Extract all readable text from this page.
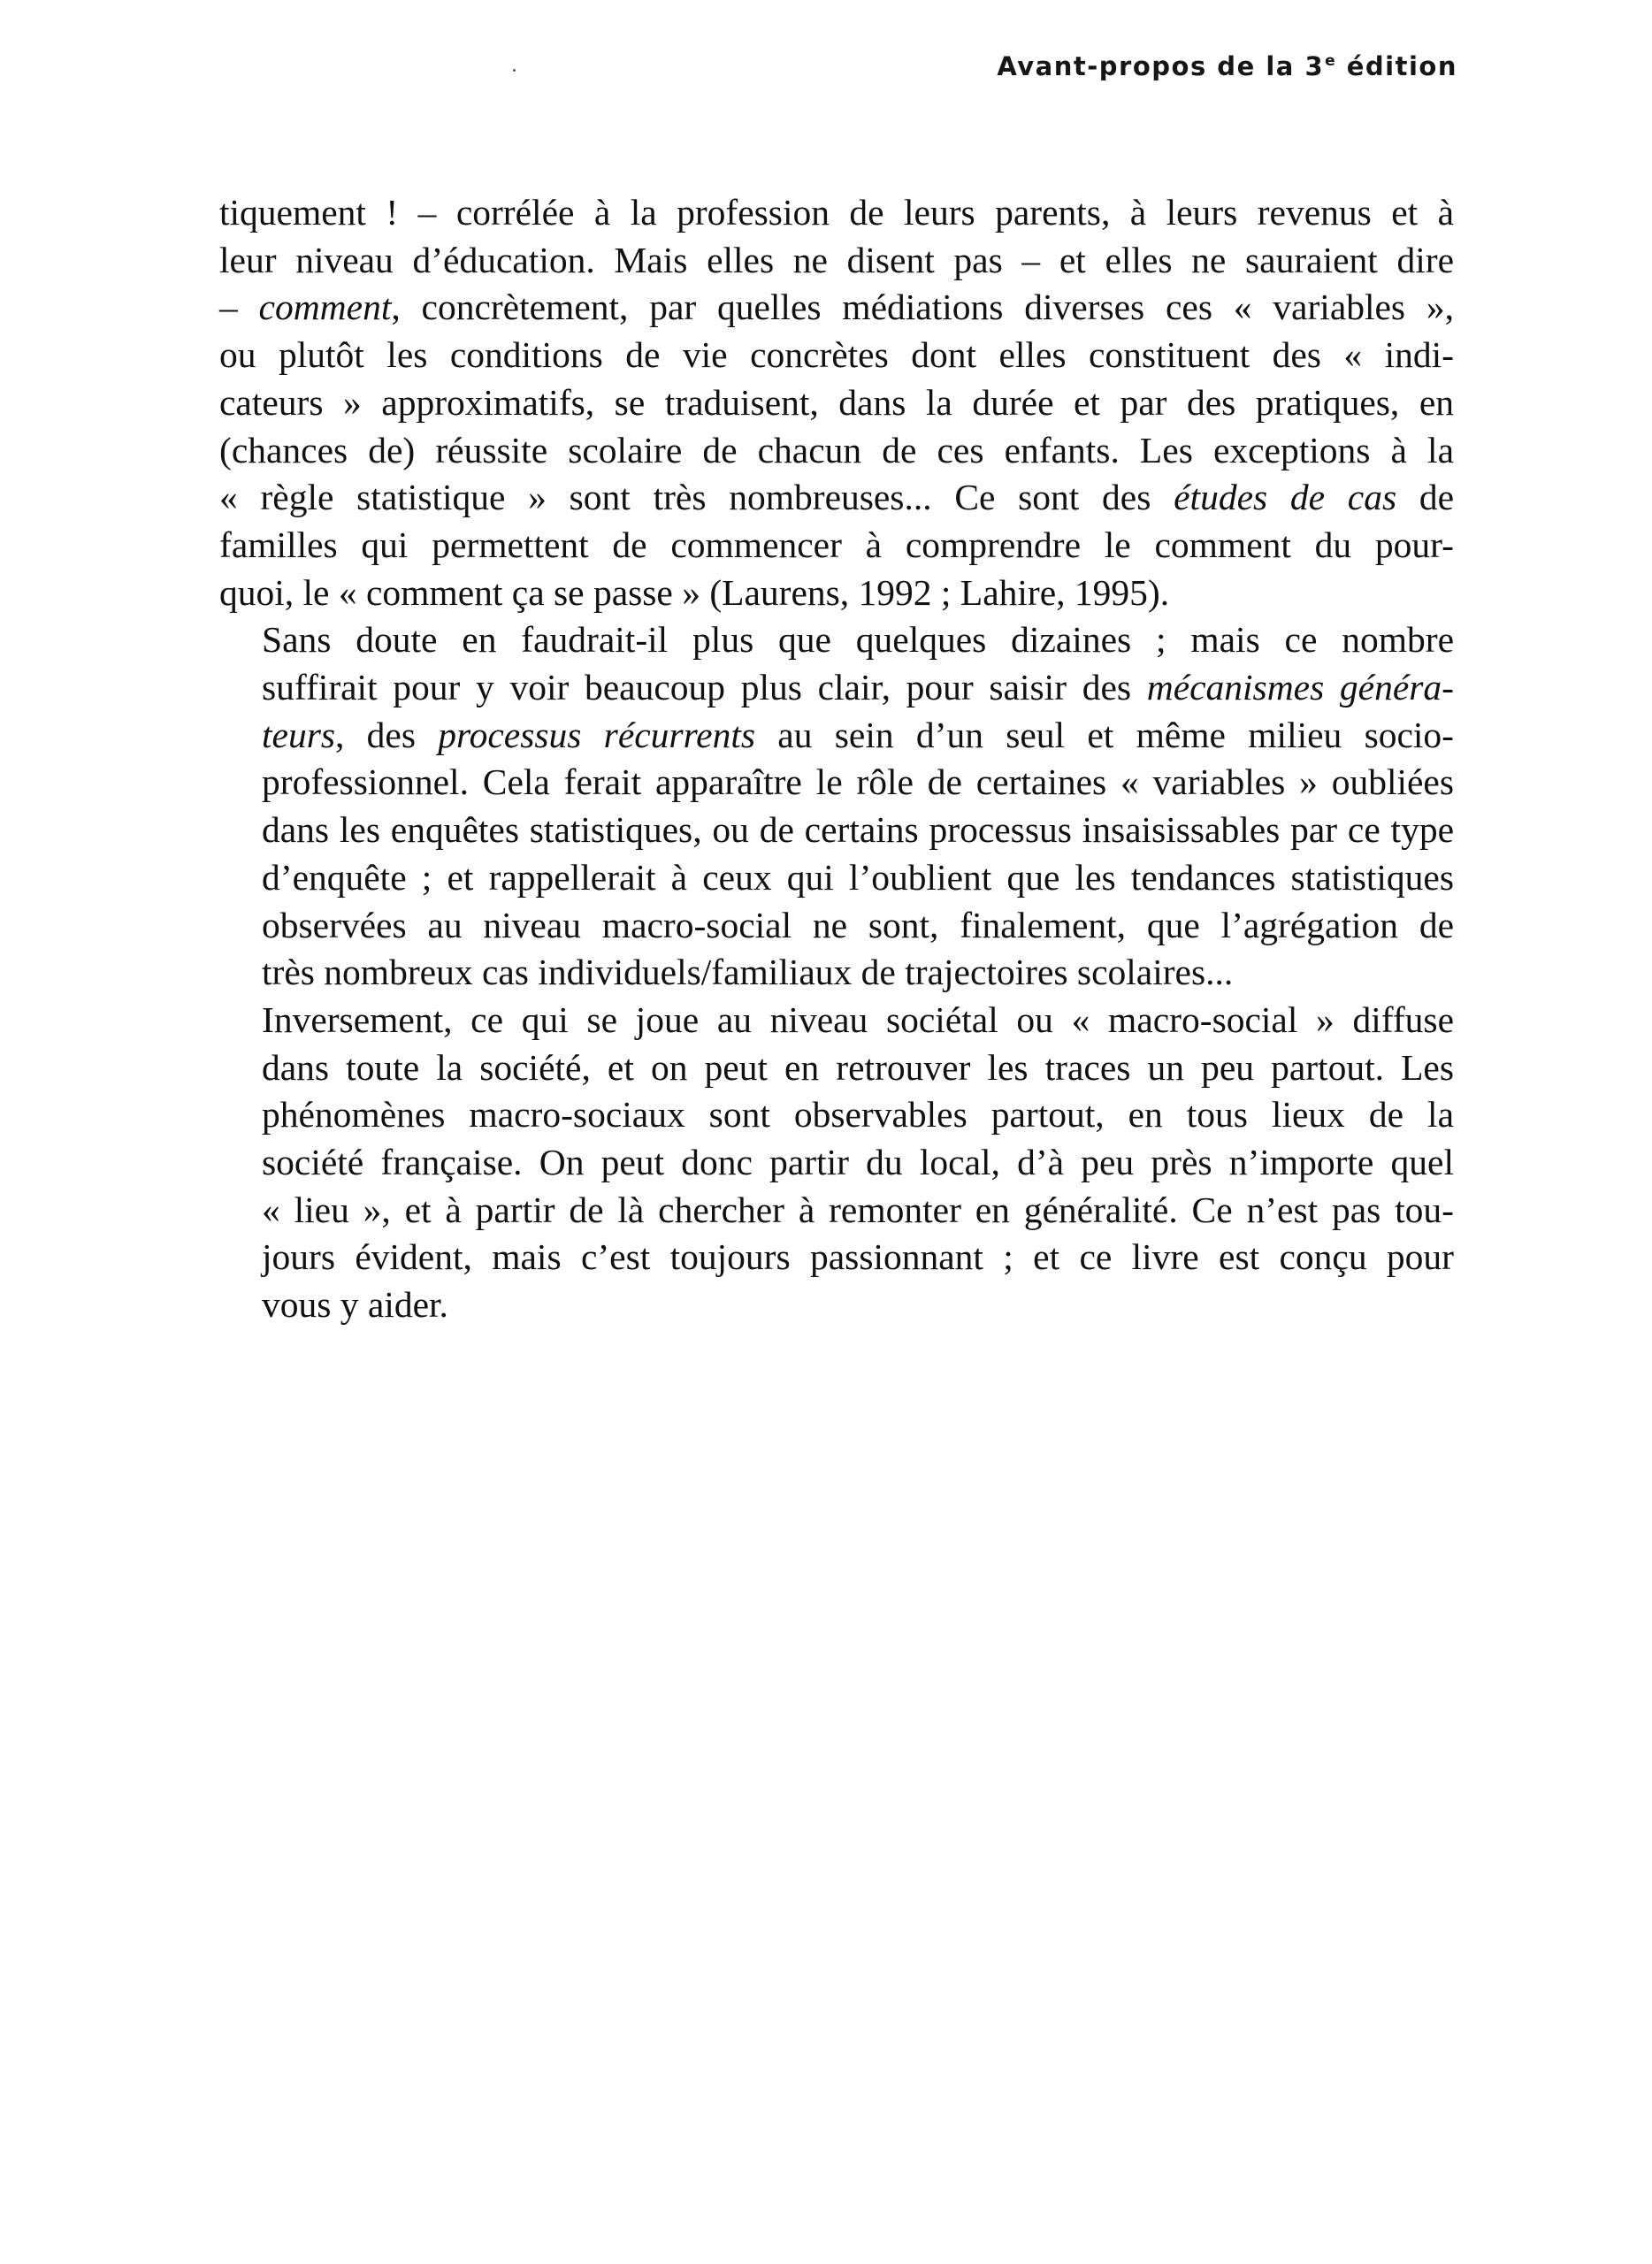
Avant-propos de la 3e édition

tiquement ! – corrélée à la profession de leurs parents, à leurs revenus et à
leur niveau d’éducation. Mais elles ne disent pas – et elles ne sauraient dire
– comment, concrètement, par quelles médiations diverses ces « variables »,
ou plutôt les conditions de vie concrètes dont elles constituent des « indi-
cateurs » approximatifs, se traduisent, dans la durée et par des pratiques, en
(chances de) réussite scolaire de chacun de ces enfants. Les exceptions à la
« règle statistique » sont très nombreuses... Ce sont des études de cas de
familles qui permettent de commencer à comprendre le comment du pour-
quoi, le « comment ça se passe » (Laurens, 1992 ; Lahire, 1995).

Sans doute en faudrait-il plus que quelques dizaines ; mais ce nombre
suffirait pour y voir beaucoup plus clair, pour saisir des mécanismes généra-
teurs, des processus récurrents au sein d’un seul et même milieu socio-
professionnel. Cela ferait apparaître le rôle de certaines « variables » oubliées
dans les enquêtes statistiques, ou de certains processus insaisissables par ce type
d’enquête ; et rappellerait à ceux qui l’oublient que les tendances statistiques
observées au niveau macro-social ne sont, finalement, que l’agrégation de
très nombreux cas individuels/familiaux de trajectoires scolaires...

Inversement, ce qui se joue au niveau sociétal ou « macro-social » diffuse
dans toute la société, et on peut en retrouver les traces un peu partout. Les
phénomènes macro-sociaux sont observables partout, en tous lieux de la
société française. On peut donc partir du local, d’à peu près n’importe quel
« lieu », et à partir de là chercher à remonter en généralité. Ce n’est pas tou-
jours évident, mais c’est toujours passionnant ; et ce livre est conçu pour
vous y aider.
